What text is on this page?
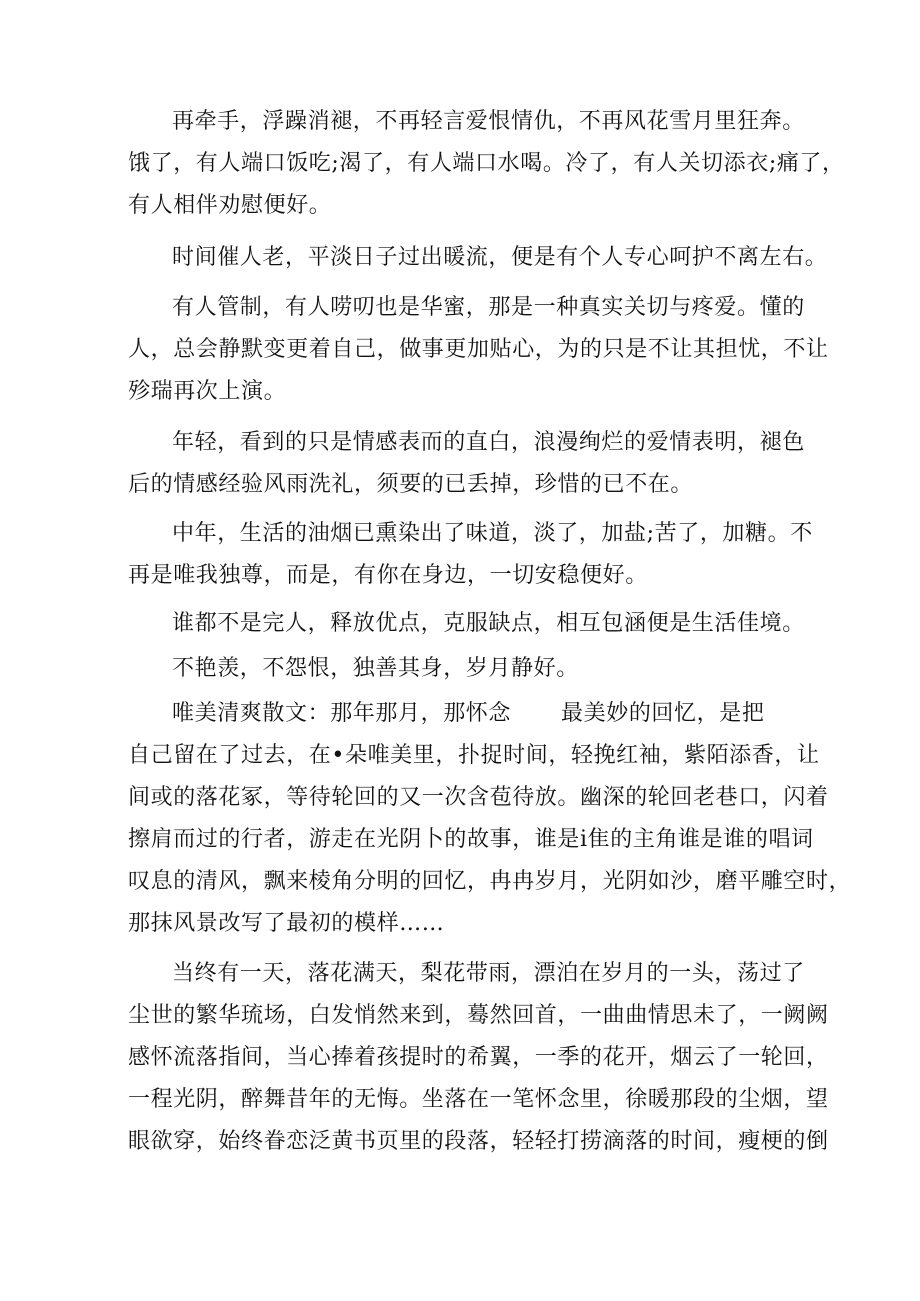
再牵手，浮躁消褪，不再轻言爱恨情仇，不再风花雪月里狂奔。
饿了，有人端口饭吃;渴了，有人端口水喝。冷了，有人关切添衣;痛了，
有人相伴劝慰便好。
时间催人老，平淡日子过出暖流，便是有个人专心呵护不离左右。
有人管制，有人唠叨也是华蜜，那是一种真实关切与疼爱。懂的
人，总会静默变更着自己，做事更加贴心，为的只是不让其担忧，不让
殄瑞再次上演。
年轻，看到的只是情感表而的直白，浪漫绚烂的爱情表明，褪色
后的情感经验风雨洗礼，须要的已丢掉，珍惜的已不在。
中年，生活的油烟已熏染出了味道，淡了，加盐;苦了，加糖。不
再是唯我独尊，而是，有你在身边，一切安稳便好。
谁都不是完人，释放优点，克服缺点，相互包涵便是生活佳境。
不艳羡，不怨恨，独善其身，岁月静好。
唯美清爽散文：那年那月，那怀念 最美妙的回忆，是把
自己留在了过去，在•朵唯美里，扑捉时间，轻挽红袖，紫陌添香，让
间或的落花冢，等待轮回的又一次含苞待放。幽深的轮回老巷口，闪着
擦肩而过的行者，游走在光阴卜的故事，谁是i隹的主角谁是谁的唱词
叹息的清风，飘来棱角分明的回忆，冉冉岁月，光阴如沙，磨平雕空时，
那抹风景改写了最初的模样……
当终有一天，落花满天，梨花带雨，漂泊在岁月的一头，荡过了
尘世的繁华琉场，白发悄然来到，蓦然回首，一曲曲情思未了，一阙阙
感怀流落指间，当心捧着孩提时的希翼，一季的花开，烟云了一轮回，
一程光阴，醉舞昔年的无悔。坐落在一笔怀念里，徐暖那段的尘烟，望
眼欲穿，始终眷恋泛黄书页里的段落，轻轻打捞滴落的时间，瘦梗的倒
